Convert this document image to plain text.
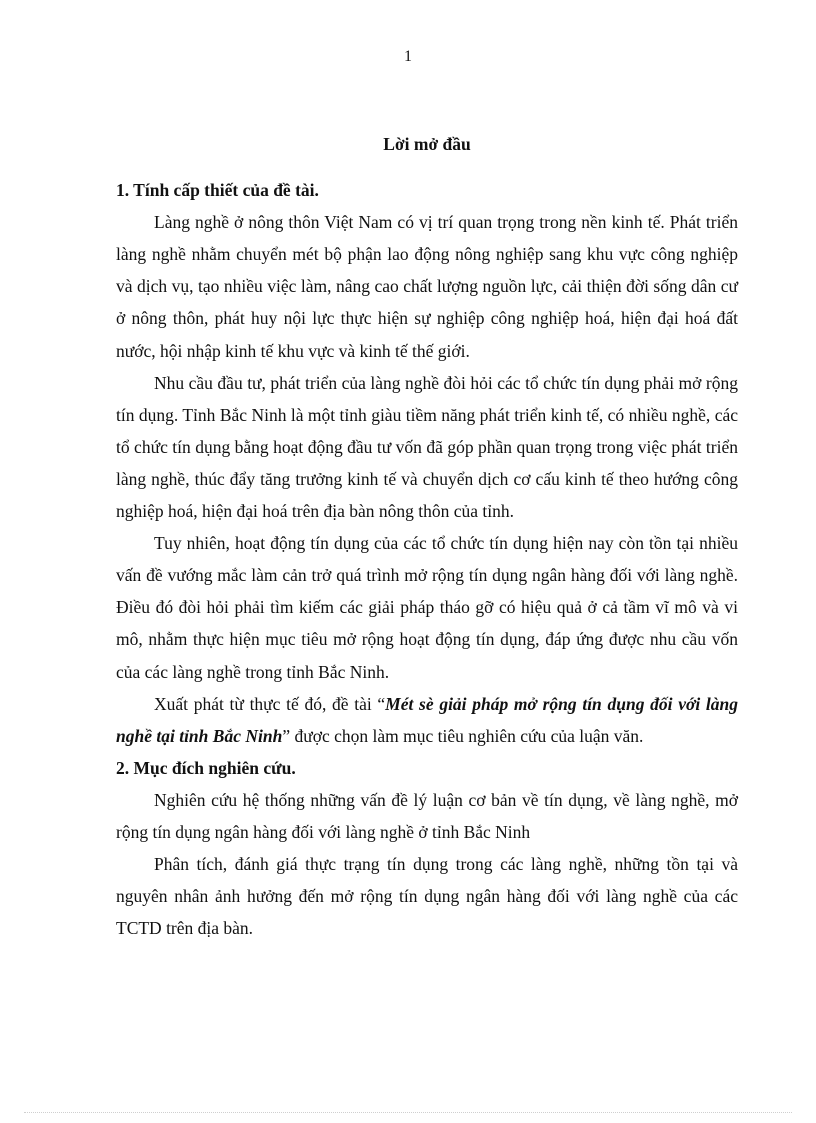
1
Lời mở đầu
1. Tính cấp thiết của đề tài.

Làng nghề ở nông thôn Việt Nam có vị trí quan trọng trong nền kinh tế. Phát triển làng nghề nhằm chuyển mét bộ phận lao động nông nghiệp sang khu vực công nghiệp và dịch vụ, tạo nhiều việc làm, nâng cao chất lượng nguồn lực, cải thiện đời sống dân cư ở nông thôn, phát huy nội lực thực hiện sự nghiệp công nghiệp hoá, hiện đại hoá đất nước, hội nhập kinh tế khu vực và kinh tế thế giới.

Nhu cầu đầu tư, phát triển của làng nghề đòi hỏi các tổ chức tín dụng phải mở rộng tín dụng. Tỉnh Bắc Ninh là một tỉnh giàu tiềm năng phát triển kinh tế, có nhiều nghề, các tổ chức tín dụng bằng hoạt động đầu tư vốn đã góp phần quan trọng trong việc phát triển làng nghề, thúc đẩy tăng trưởng kinh tế và chuyển dịch cơ cấu kinh tế theo hướng công nghiệp hoá, hiện đại hoá trên địa bàn nông thôn của tỉnh.

Tuy nhiên, hoạt động tín dụng của các tổ chức tín dụng hiện nay còn tồn tại nhiều vấn đề vướng mắc làm cản trở quá trình mở rộng tín dụng ngân hàng đối với làng nghề. Điều đó đòi hỏi phải tìm kiếm các giải pháp tháo gỡ có hiệu quả ở cả tầm vĩ mô và vi mô, nhằm thực hiện mục tiêu mở rộng hoạt động tín dụng, đáp ứng được nhu cầu vốn của các làng nghề trong tỉnh Bắc Ninh.

Xuất phát từ thực tế đó, đề tài “Mét sè giải pháp mở rộng tín dụng đối với làng nghề tại tỉnh Bắc Ninh” được chọn làm mục tiêu nghiên cứu của luận văn.

2. Mục đích nghiên cứu.

Nghiên cứu hệ thống những vấn đề lý luận cơ bản về tín dụng, về làng nghề, mở rộng tín dụng ngân hàng đối với làng nghề ở tỉnh Bắc Ninh

Phân tích, đánh giá thực trạng tín dụng trong các làng nghề, những tồn tại và nguyên nhân ảnh hưởng đến mở rộng tín dụng ngân hàng đối với làng nghề của các TCTD trên địa bàn.
